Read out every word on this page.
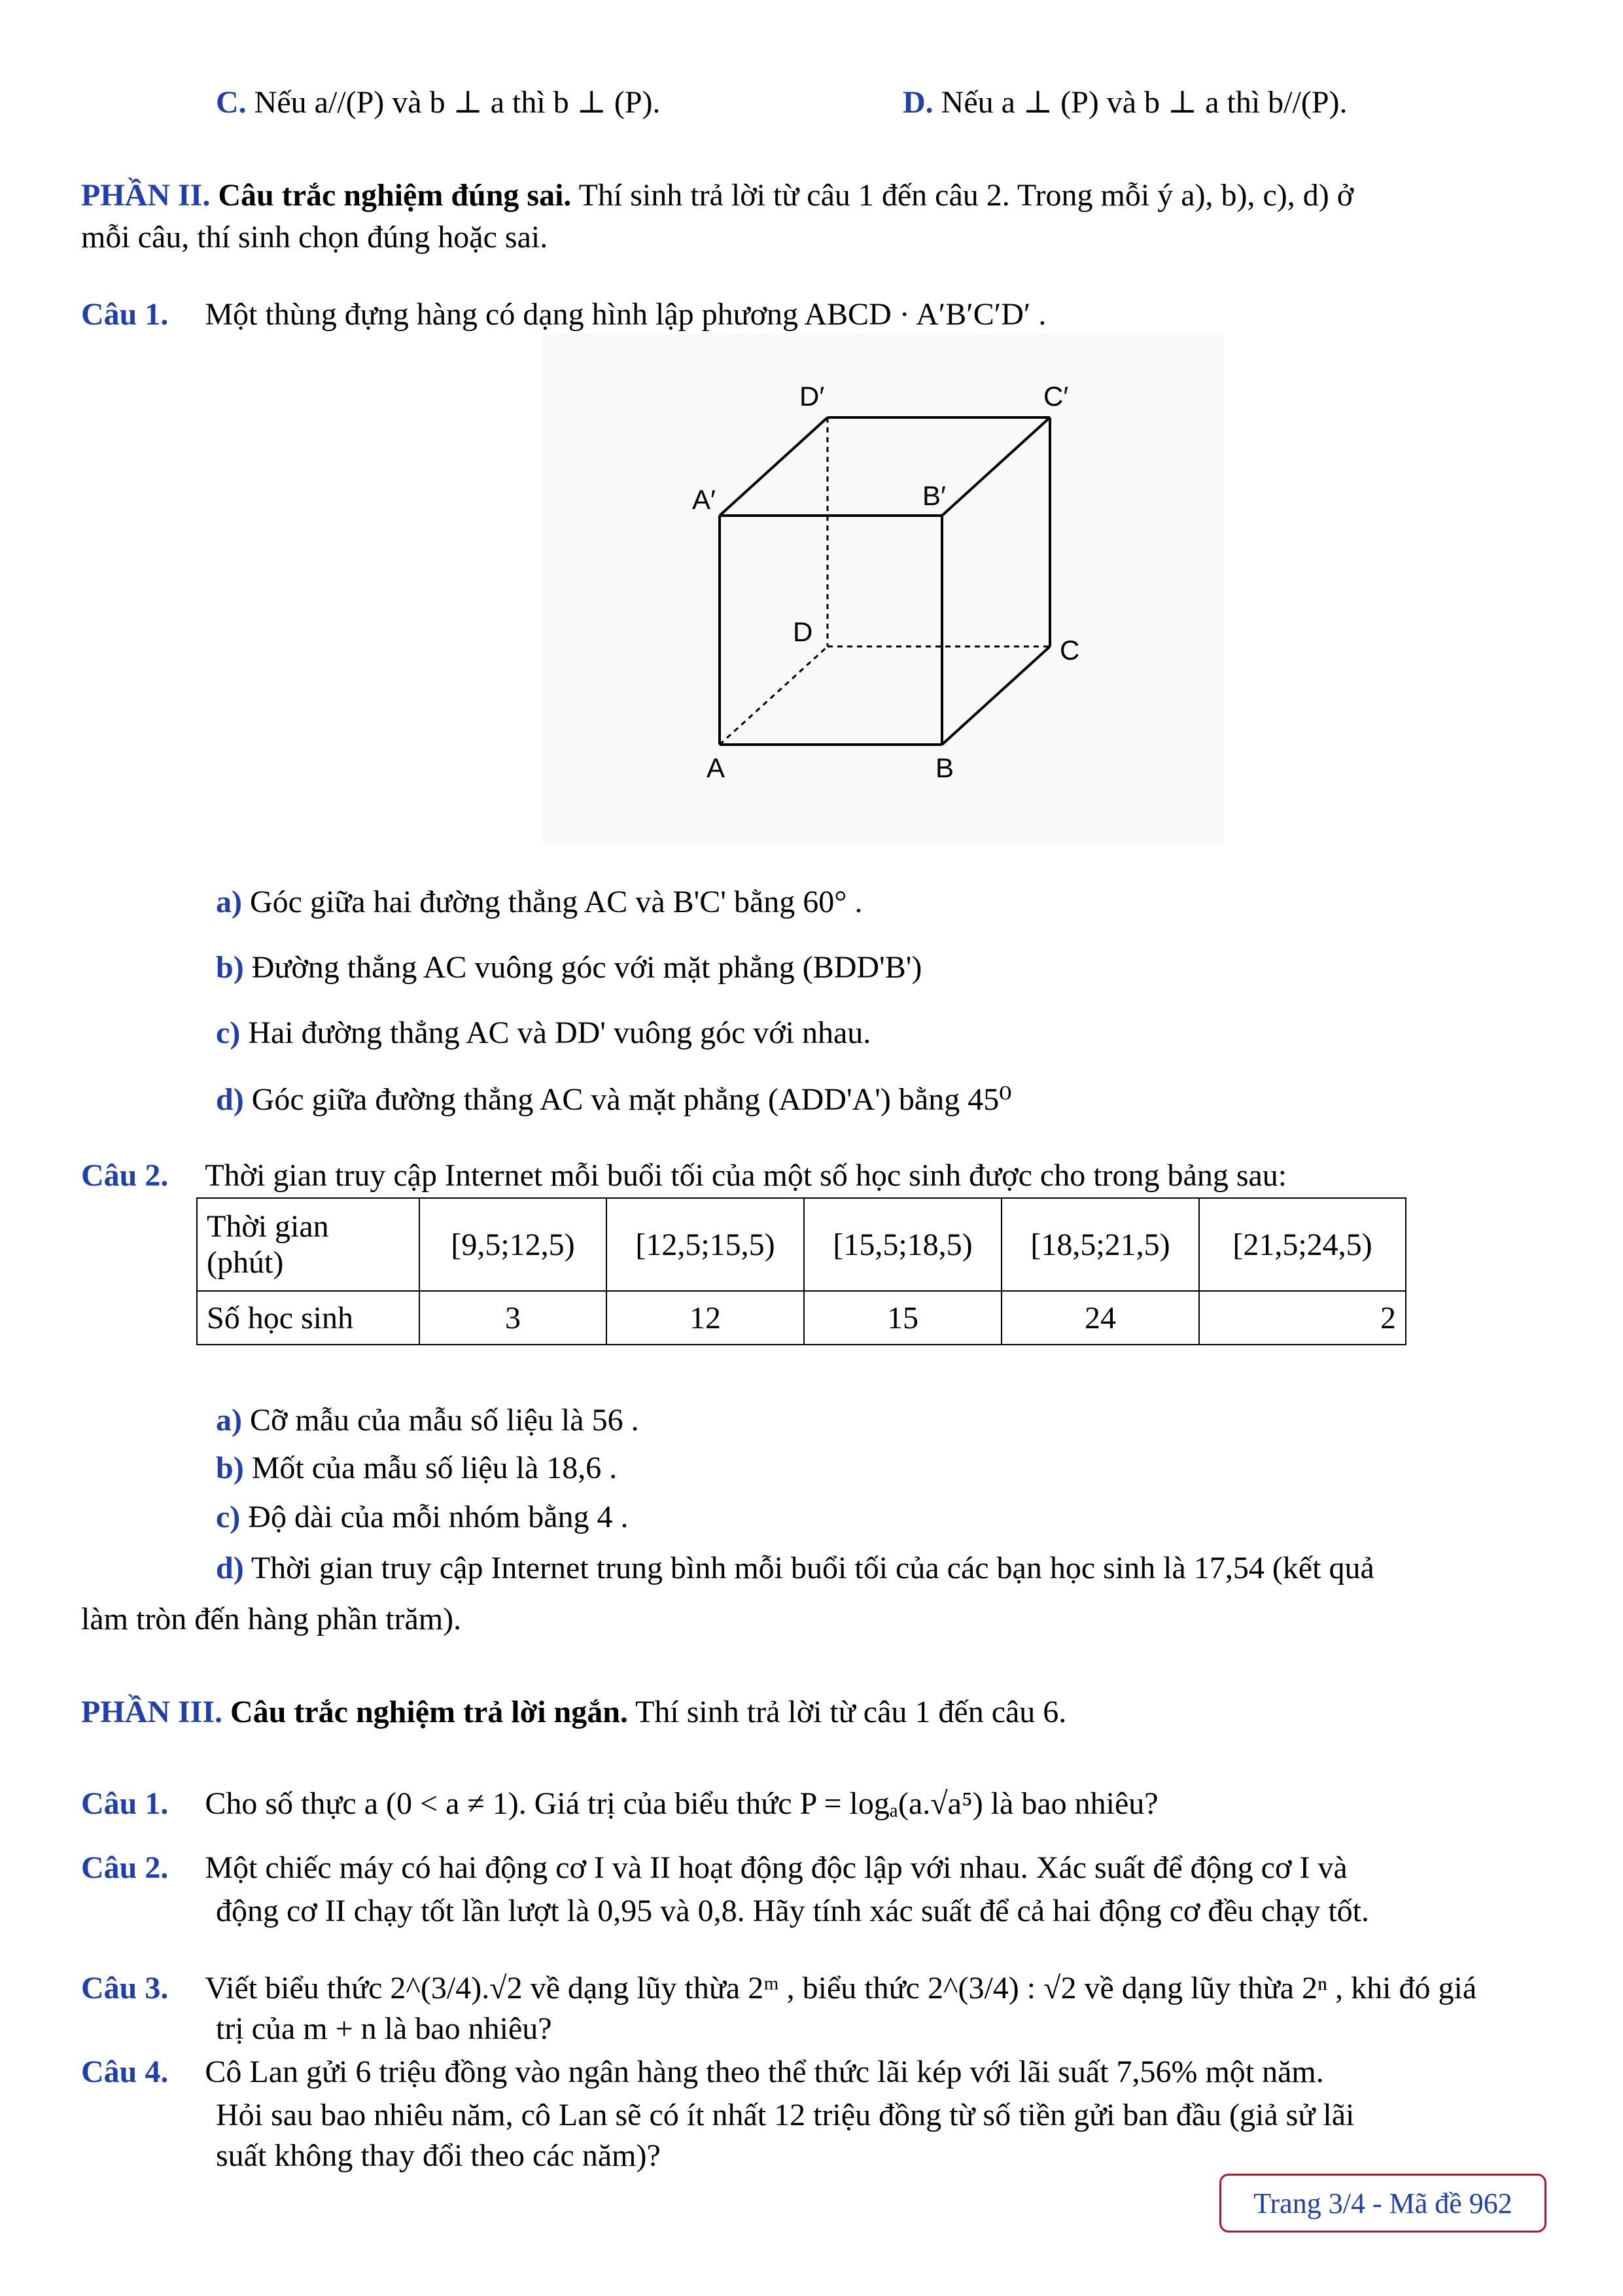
C. Nếu a//(P) và b ⊥ a thì b ⊥ (P).	D. Nếu a ⊥ (P) và b ⊥ a thì b//(P).
PHẦN II. Câu trắc nghiệm đúng sai. Thí sinh trả lời từ câu 1 đến câu 2. Trong mỗi ý a), b), c), d) ở
mỗi câu, thí sinh chọn đúng hoặc sai.
Câu 1. Một thùng đựng hàng có dạng hình lập phương ABCD · A′B′C′D′ .
D′	C′
A′	B′
D
C
A	B
a) Góc giữa hai đường thẳng AC và B'C' bằng 60° .
b) Đường thẳng AC vuông góc với mặt phẳng (BDD'B')
c) Hai đường thẳng AC và DD' vuông góc với nhau.
d) Góc giữa đường thẳng AC và mặt phẳng (ADD'A') bằng 45⁰
Câu 2. Thời gian truy cập Internet mỗi buổi tối của một số học sinh được cho trong bảng sau:
Thời gian (phút)	[9,5;12,5)	[12,5;15,5)	[15,5;18,5)	[18,5;21,5)	[21,5;24,5)
Số học sinh	3	12	15	24	2
a) Cỡ mẫu của mẫu số liệu là 56 .
b) Mốt của mẫu số liệu là 18,6 .
c) Độ dài của mỗi nhóm bằng 4 .
d) Thời gian truy cập Internet trung bình mỗi buổi tối của các bạn học sinh là 17,54 (kết quả
làm tròn đến hàng phần trăm).
PHẦN III. Câu trắc nghiệm trả lời ngắn. Thí sinh trả lời từ câu 1 đến câu 6.
Câu 1. Cho số thực a (0 < a ≠ 1). Giá trị của biểu thức P = logₐ(a.√a⁵) là bao nhiêu?
Câu 2. Một chiếc máy có hai động cơ I và II hoạt động độc lập với nhau. Xác suất để động cơ I và
động cơ II chạy tốt lần lượt là 0,95 và 0,8. Hãy tính xác suất để cả hai động cơ đều chạy tốt.
Câu 3. Viết biểu thức 2^(3/4).√2 về dạng lũy thừa 2ᵐ , biểu thức 2^(3/4) : √2 về dạng lũy thừa 2ⁿ , khi đó giá
trị của m + n là bao nhiêu?
Câu 4. Cô Lan gửi 6 triệu đồng vào ngân hàng theo thể thức lãi kép với lãi suất 7,56% một năm.
Hỏi sau bao nhiêu năm, cô Lan sẽ có ít nhất 12 triệu đồng từ số tiền gửi ban đầu (giả sử lãi
suất không thay đổi theo các năm)?
Trang 3/4 - Mã đề 962
